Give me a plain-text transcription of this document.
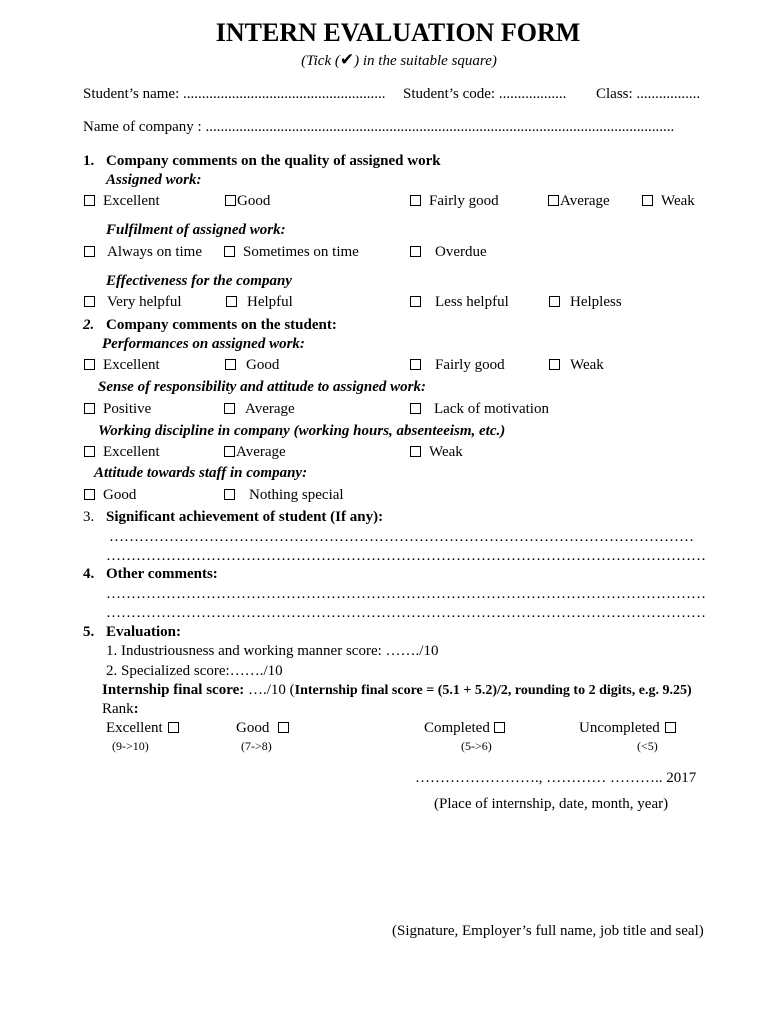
INTERN EVALUATION FORM
(Tick (✔) in the suitable square)
Student’s name: ...................................................... Student’s code: .................. Class: .................
Name of company : .............................................................................................................................
1. Company comments on the quality of assigned work
Assigned work:
Excellent	Good	Fairly good	Average	Weak
Fulfilment of assigned work:
Always on time	Sometimes on time	Overdue
Effectiveness for the company
Very helpful	Helpful	Less helpful	Helpless
2. Company comments on the student:
Performances on assigned work:
Excellent	Good	Fairly good	Weak
Sense of responsibility and attitude to assigned work:
Positive	Average	Lack of motivation
Working discipline in company (working hours, absenteeism, etc.)
Excellent	Average	Weak
Attitude towards staff in company:
Good	Nothing special
3. Significant achievement of student (If any):
………………………………………………………………………………………………………
…………………………………………………………………………………………………………
4. Other comments:
…………………………………………………………………………………………………………
…………………………………………………………………………………………………………
5. Evaluation:
1. Industriousness and working manner score: ……./10
2. Specialized score:……./10
Internship final score: …./10 (Internship final score = (5.1 + 5.2)/2, rounding to 2 digits, e.g. 9.25)
Rank:
Excellent
(9->10)
Good
(7->8)
Completed
(5->6)
Uncompleted
(<5)
……………………., ………… ……….. 2017
(Place of internship, date, month, year)
(Signature, Employer’s full name, job title and seal)
